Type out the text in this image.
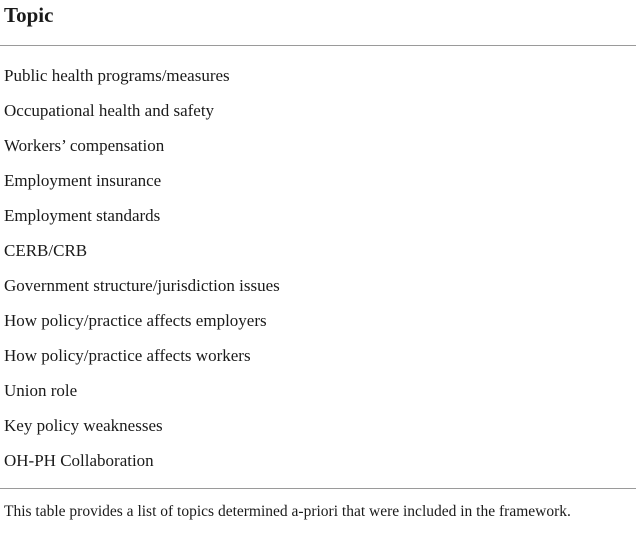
Topic
Public health programs/measures
Occupational health and safety
Workers’ compensation
Employment insurance
Employment standards
CERB/CRB
Government structure/jurisdiction issues
How policy/practice affects employers
How policy/practice affects workers
Union role
Key policy weaknesses
OH-PH Collaboration
This table provides a list of topics determined a-priori that were included in the framework.
